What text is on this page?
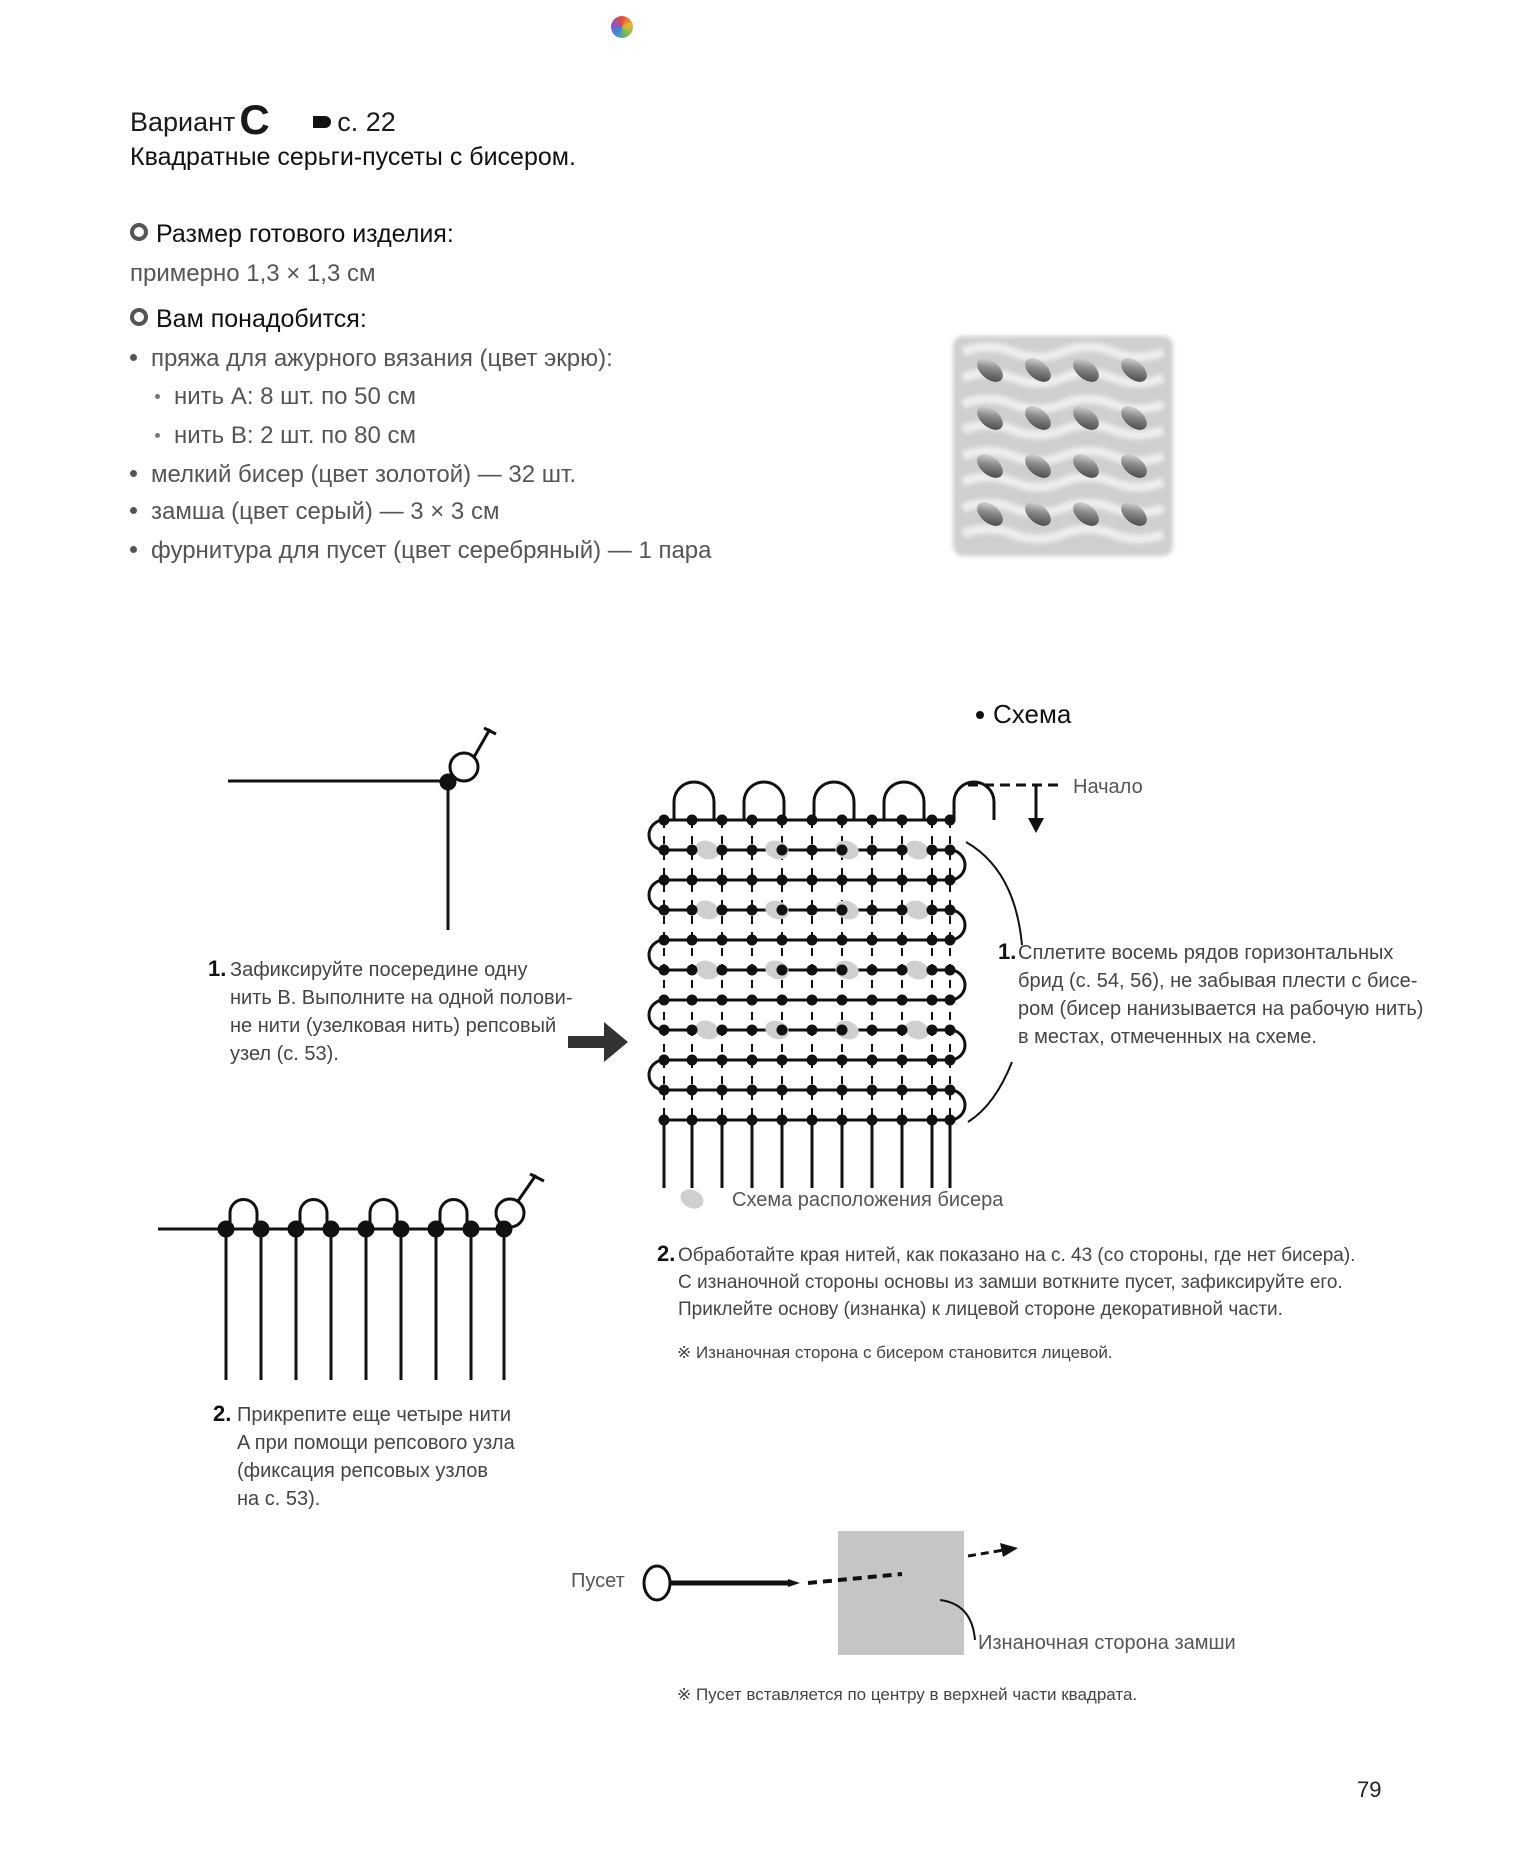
ВариантC	с. 22
Квадратные серьги-пусеты с бисером.
Размер готового изделия:
примерно 1,3 × 1,3 см
Вам понадобится:
пряжа для ажурного вязания (цвет экрю):
нить A: 8 шт. по 50 см
нить B: 2 шт. по 80 см
мелкий бисер (цвет золотой) — 32 шт.
замша (цвет серый) — 3 × 3 см
фурнитура для пусет (цвет серебряный) — 1 пара
1. Зафиксируйте посередине одну
нить B. Выполните на одной полови-
не нити (узелковая нить) репсовый
узел (с. 53).
2. Прикрепите еще четыре нити
A при помощи репсового узла
(фиксация репсовых узлов
на с. 53).
Схема
Начало
1. Сплетите восемь рядов горизонтальных
брид (с. 54, 56), не забывая плести с бисе-
ром (бисер нанизывается на рабочую нить)
в местах, отмеченных на схеме.
Схема расположения бисера
2. Обработайте края нитей, как показано на с. 43 (со стороны, где нет бисера).
С изнаночной стороны основы из замши воткните пусет, зафиксируйте его.
Приклейте основу (изнанка) к лицевой стороне декоративной части.
※ Изнаночная сторона с бисером становится лицевой.
Пусет
Изнаночная сторона замши
※ Пусет вставляется по центру в верхней части квадрата.
79
